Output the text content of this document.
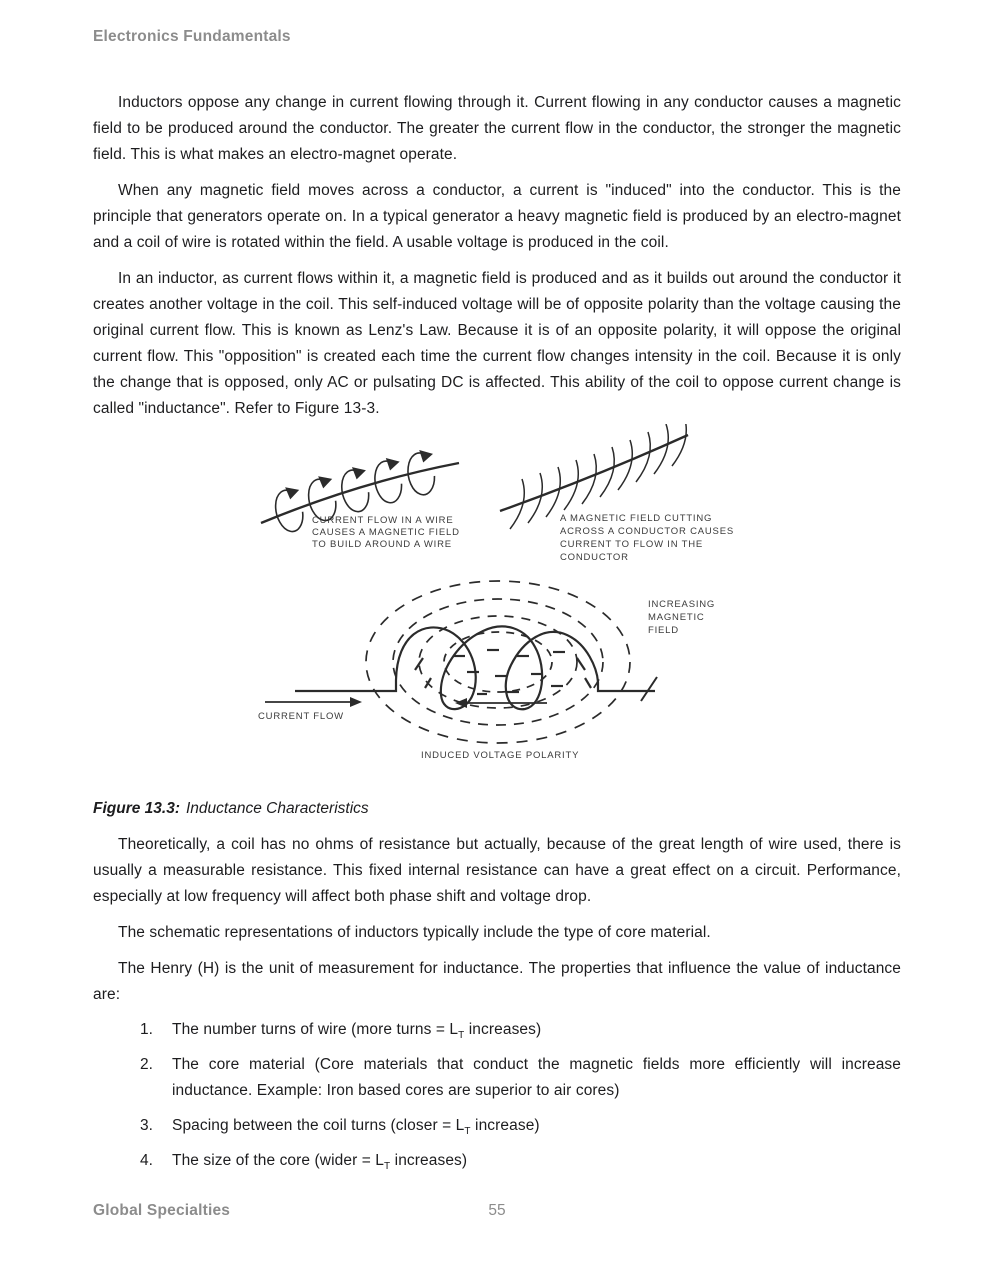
Electronics Fundamentals

Inductors oppose any change in current flowing through it. Current flowing in any conductor causes a magnetic field to be produced around the conductor. The greater the current flow in the conductor, the stronger the magnetic field. This is what makes an electro-magnet operate.

When any magnetic field moves across a conductor, a current is "induced" into the conductor. This is the principle that generators operate on. In a typical generator a heavy magnetic field is produced by an electro-magnet and a coil of wire is rotated within the field. A usable voltage is produced in the coil.

In an inductor, as current flows within it, a magnetic field is produced and as it builds out around the conductor it creates another voltage in the coil. This self-induced voltage will be of opposite polarity than the voltage causing the original current flow. This is known as Lenz's Law. Because it is of an opposite polarity, it will oppose the original current flow. This "opposition" is created each time the current flow changes intensity in the coil. Because it is only the change that is opposed, only AC or pulsating DC is affected. This ability of the coil to oppose current change is called "inductance". Refer to Figure 13-3.

CURRENT FLOW IN A WIRE
CAUSES A MAGNETIC FIELD
TO BUILD AROUND A WIRE
A MAGNETIC FIELD CUTTING
ACROSS A CONDUCTOR CAUSES
CURRENT TO FLOW IN THE
CONDUCTOR
CURRENT FLOW
INCREASING
MAGNETIC
FIELD
INDUCED VOLTAGE POLARITY

Figure 13.3: Inductance Characteristics

Theoretically, a coil has no ohms of resistance but actually, because of the great length of wire used, there is usually a measurable resistance. This fixed internal resistance can have a great effect on a circuit. Performance, especially at low frequency will affect both phase shift and voltage drop.

The schematic representations of inductors typically include the type of core material.

The Henry (H) is the unit of measurement for inductance. The properties that influence the value of inductance are:

1.	The number turns of wire (more turns = $L_T$ increases)
2.	The core material (Core materials that conduct the magnetic fields more efficiently will increase inductance. Example: Iron based cores are superior to air cores)
3.	Spacing between the coil turns (closer = $L_T$ increase)
4.	The size of the core (wider = $L_T$ increases)
Global Specialties	55
